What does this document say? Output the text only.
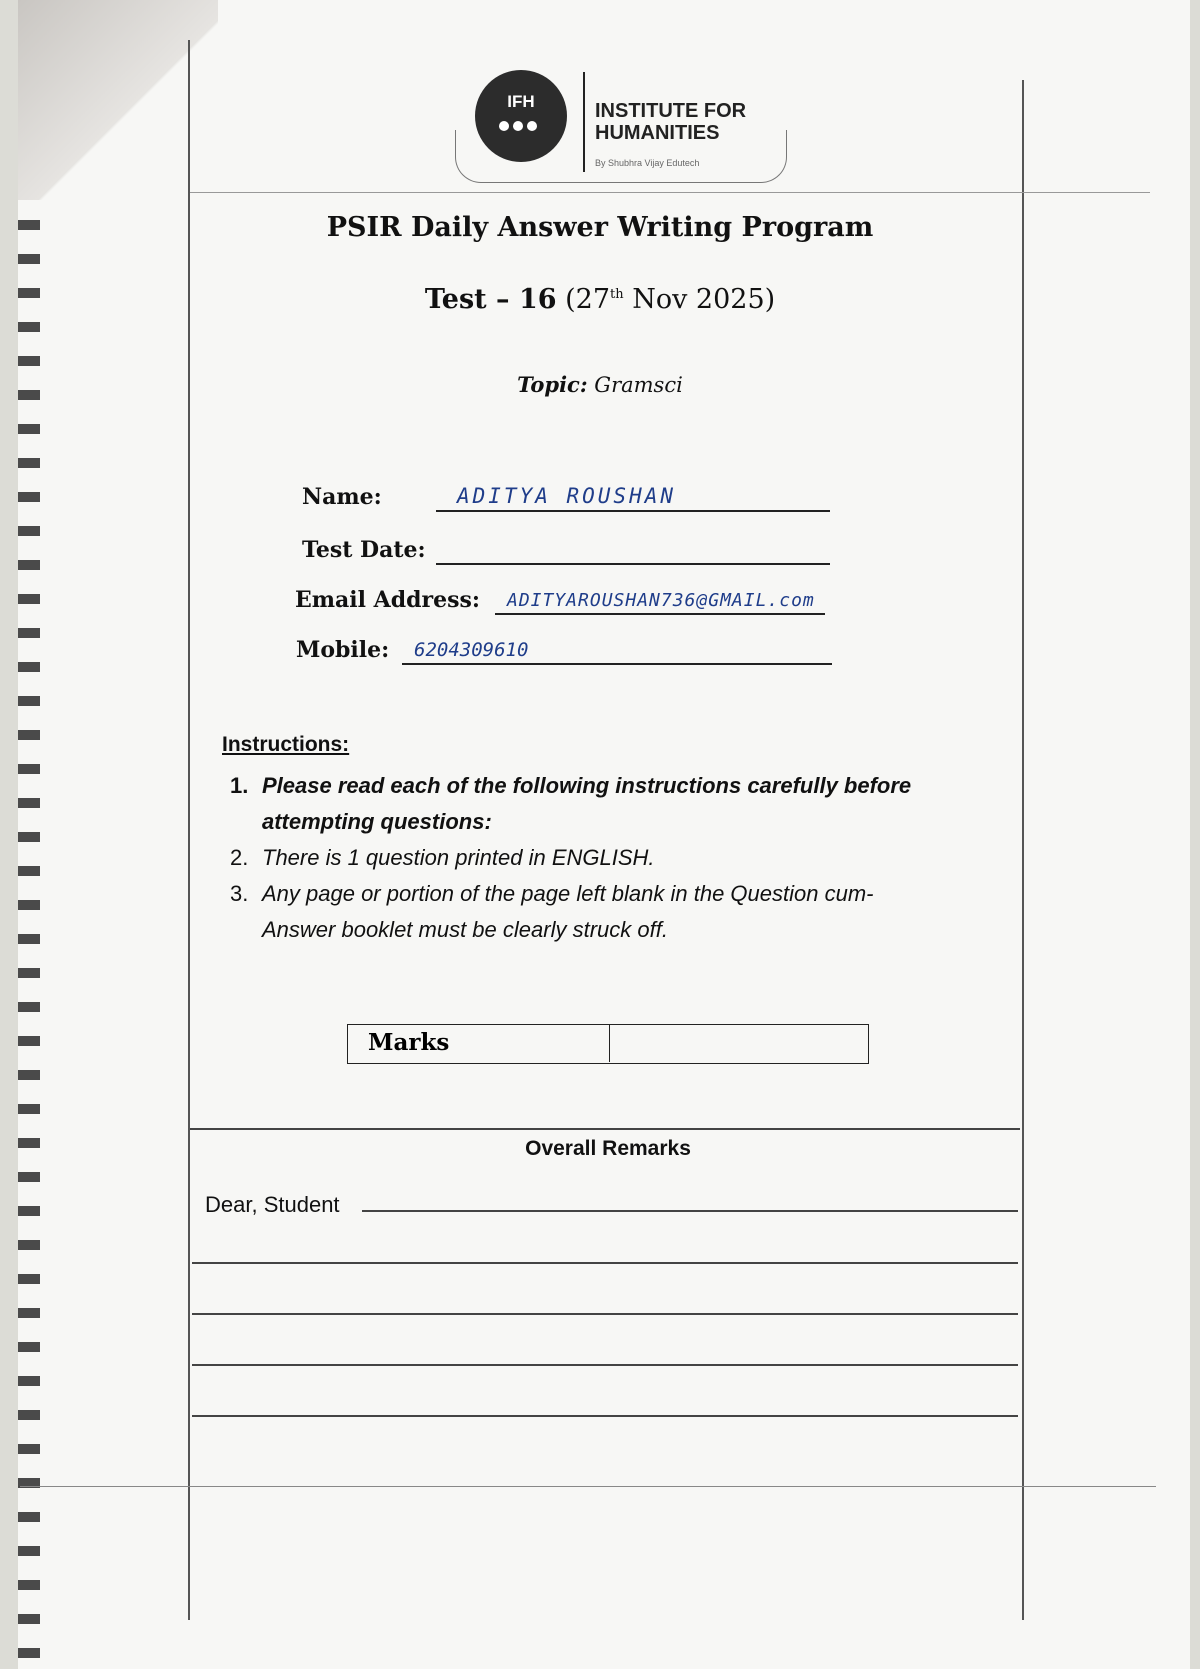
IFH	INSTITUTE FOR HUMANITIES
By Shubhra Vijay Edutech
PSIR Daily Answer Writing Program
Test – 16 (27th Nov 2025)
Topic: Gramsci
Name:	ADITYA ROUSHAN
Test Date:
Email Address: ADITYAROUSHAN736@GMAIL.com
Mobile: 6204309610
Instructions:
1. Please read each of the following instructions carefully before attempting questions:
2. There is 1 question printed in ENGLISH.
3. Any page or portion of the page left blank in the Question cum-Answer booklet must be clearly struck off.
Marks
Overall Remarks
Dear, Student
